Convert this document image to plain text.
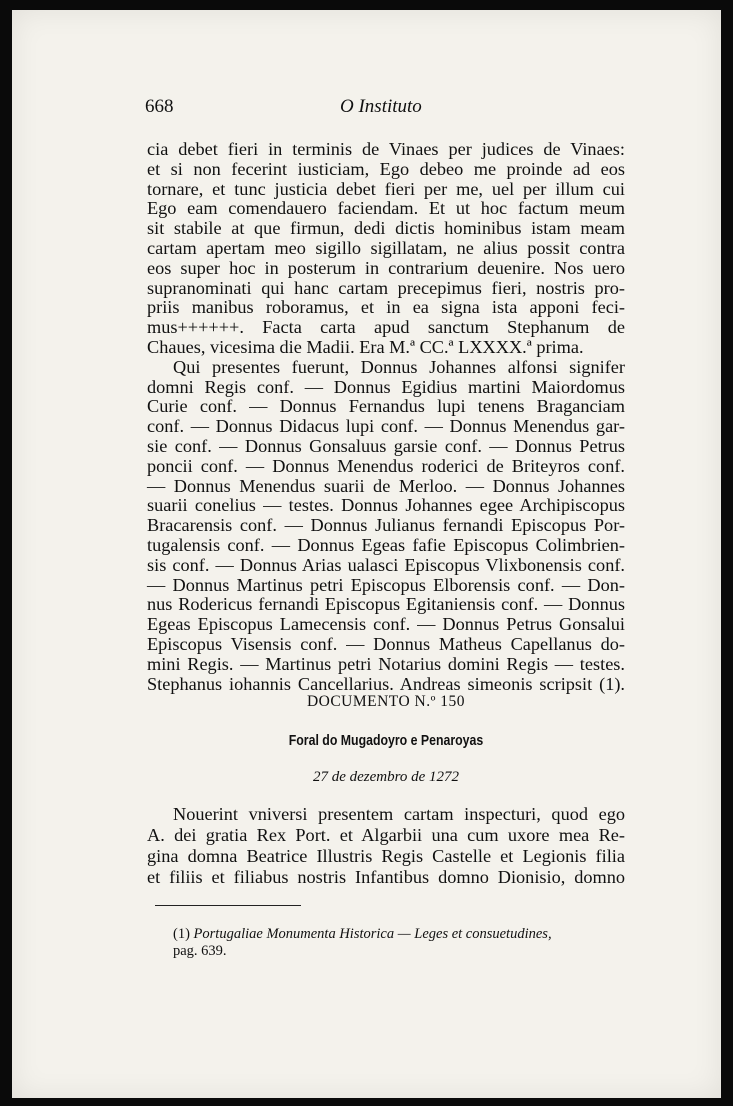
668	O Instituto
cia debet fieri in terminis de Vinaes per judices de Vinaes:
et si non fecerint iusticiam, Ego debeo me proinde ad eos
tornare, et tunc justicia debet fieri per me, uel per illum cui
Ego eam comendauero faciendam. Et ut hoc factum meum
sit stabile at que firmun, dedi dictis hominibus istam meam
cartam apertam meo sigillo sigillatam, ne alius possit contra
eos super hoc in posterum in contrarium deuenire. Nos uero
supranominati qui hanc cartam precepimus fieri, nostris pro-
priis manibus roboramus, et in ea signa ista apponi feci-
mus++++++. Facta carta apud sanctum Stephanum de
Chaues, vicesima die Madii. Era M.ª CC.ª LXXXX.ª prima.
Qui presentes fuerunt, Donnus Johannes alfonsi signifer
domni Regis conf. — Donnus Egidius martini Maiordomus
Curie conf. — Donnus Fernandus lupi tenens Braganciam
conf. — Donnus Didacus lupi conf. — Donnus Menendus gar-
sie conf. — Donnus Gonsaluus garsie conf. — Donnus Petrus
poncii conf. — Donnus Menendus roderici de Briteyros conf.
— Donnus Menendus suarii de Merloo. — Donnus Johannes
suarii conelius — testes. Donnus Johannes egee Archipiscopus
Bracarensis conf. — Donnus Julianus fernandi Episcopus Por-
tugalensis conf. — Donnus Egeas fafie Episcopus Colimbrien-
sis conf. — Donnus Arias ualasci Episcopus Vlixbonensis conf.
— Donnus Martinus petri Episcopus Elborensis conf. — Don-
nus Rodericus fernandi Episcopus Egitaniensis conf. — Donnus
Egeas Episcopus Lamecensis conf. — Donnus Petrus Gonsalui
Episcopus Visensis conf. — Donnus Matheus Capellanus do-
mini Regis. — Martinus petri Notarius domini Regis — testes.
Stephanus iohannis Cancellarius. Andreas simeonis scripsit (1).
DOCUMENTO N.º 150
Foral do Mugadoyro e Penaroyas
27 de dezembro de 1272
Nouerint vniversi presentem cartam inspecturi, quod ego
A. dei gratia Rex Port. et Algarbii una cum uxore mea Re-
gina domna Beatrice Illustris Regis Castelle et Legionis filia
et filiis et filiabus nostris Infantibus domno Dionisio, domno
(1) Portugaliae Monumenta Historica — Leges et consuetudines,
pag. 639.
